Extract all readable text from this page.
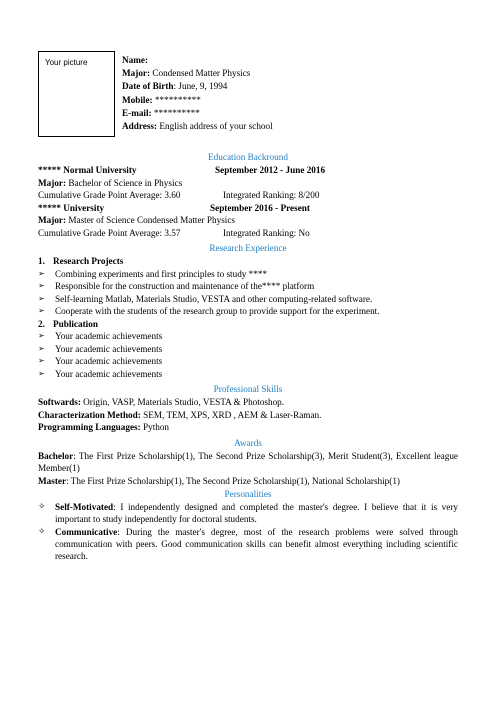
Your picture	Name:
Major: Condensed Matter Physics
Date of Birth: June, 9, 1994
Mobile: **********
E-mail: **********
Address: English address of your school
Education Backround
***** Normal University	September 2012 - June 2016
Major: Bachelor of Science in Physics
Cumulative Grade Point Average: 3.60	Integrated Ranking: 8/200
***** University	September 2016 - Present
Major: Master of Science Condensed Matter Physics
Cumulative Grade Point Average: 3.57	Integrated Ranking: No
Research Experience
1. Research Projects
➢ Combining experiments and first principles to study ****
➢ Responsible for the construction and maintenance of the**** platform
➢ Self-learning Matlab, Materials Studio, VESTA and other computing-related software.
➢ Cooperate with the students of the research group to provide support for the experiment.
2. Publication
➢ Your academic achievements
➢ Your academic achievements
➢ Your academic achievements
➢ Your academic achievements
Professional Skills
Softwards: Origin, VASP, Materials Studio, VESTA & Photoshop.
Characterization Method: SEM, TEM, XPS, XRD , AEM & Laser-Raman.
Programming Languages: Python
Awards
Bachelor: The First Prize Scholarship(1), The Second Prize Scholarship(3), Merit Student(3), Excellent league Member(1)
Master: The First Prize Scholarship(1), The Second Prize Scholarship(1), National Scholarship(1)
Personalities
✧ Self-Motivated: I independently designed and completed the master's degree. I believe that it is very important to study independently for doctoral students.
✧ Communicative: During the master's degree, most of the research problems were solved through communication with peers. Good communication skills can benefit almost everything including scientific research.
